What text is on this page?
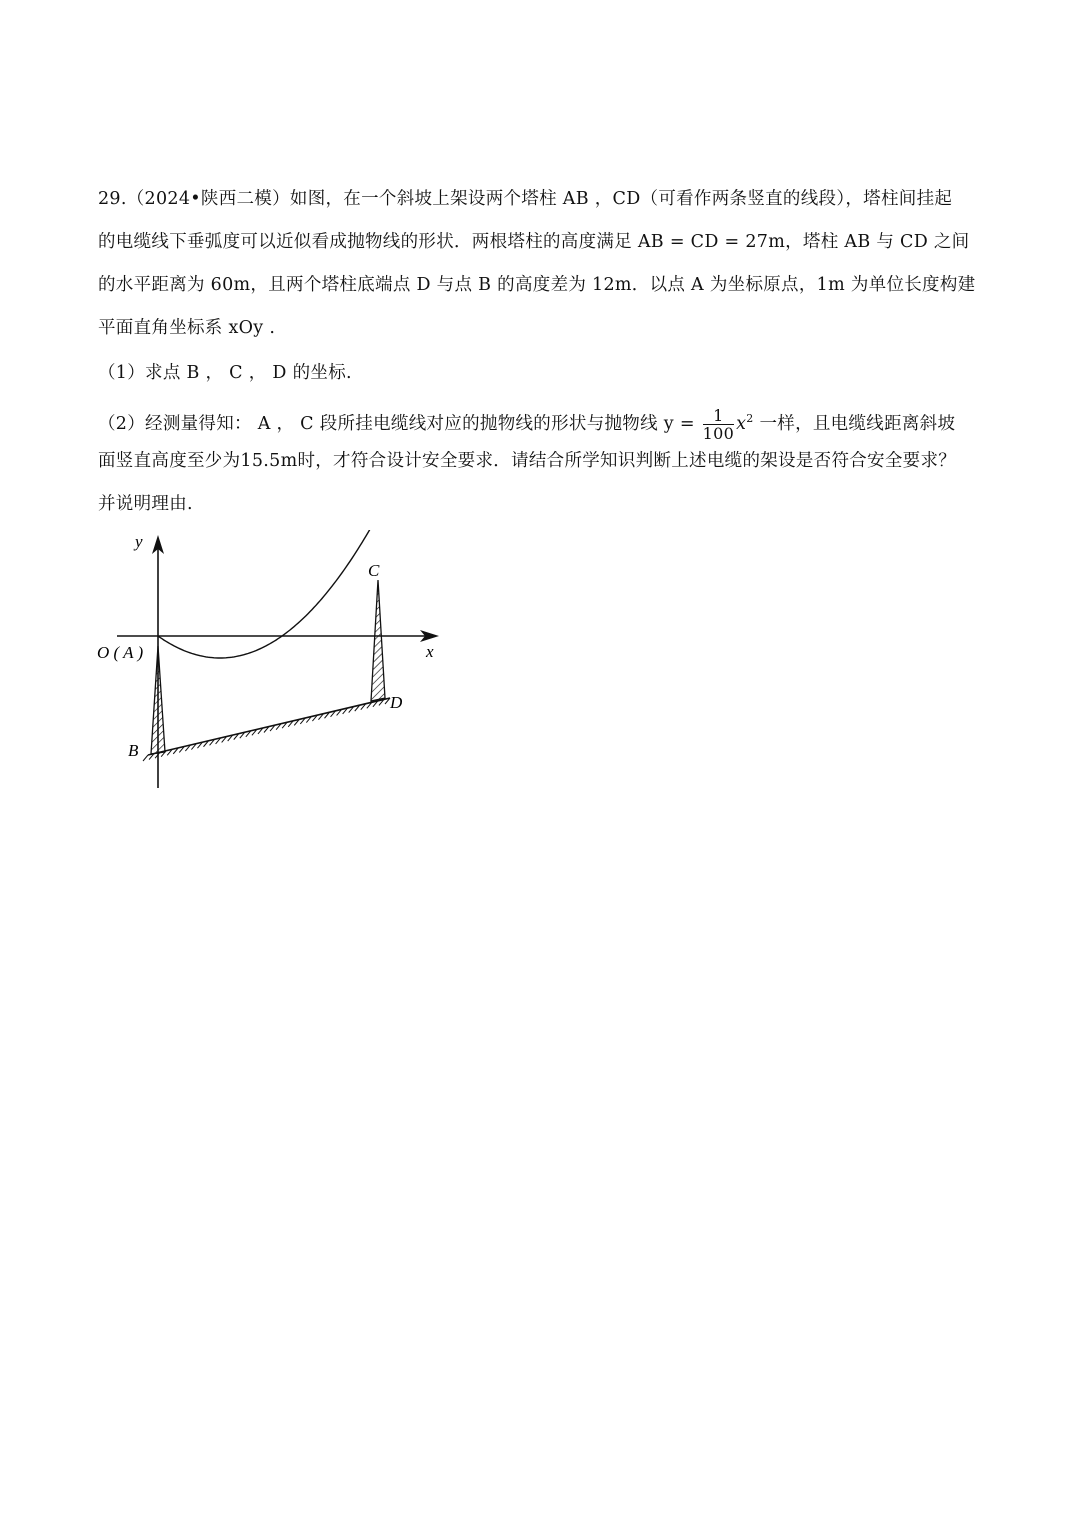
29.（2024•陕西二模）如图，在一个斜坡上架设两个塔柱 AB ，CD（可看作两条竖直的线段），塔柱间挂起
的电缆线下垂弧度可以近似看成抛物线的形状．两根塔柱的高度满足 AB = CD = 27m，塔柱 AB 与 CD 之间
的水平距离为 60m，且两个塔柱底端点 D 与点 B 的高度差为 12m．以点 A 为坐标原点，1m 为单位长度构建
平面直角坐标系 xOy .
（1）求点 B ， C ， D 的坐标.
（2）经测量得知： A ， C 段所挂电缆线对应的抛物线的形状与抛物线 $y = \frac{1}{100} x^2$ 一样，且电缆线距离斜坡
面竖直高度至少为15.5m时，才符合设计安全要求．请结合所学知识判断上述电缆的架设是否符合安全要求？
并说明理由.
y
x
O ( A )
B
C
D
